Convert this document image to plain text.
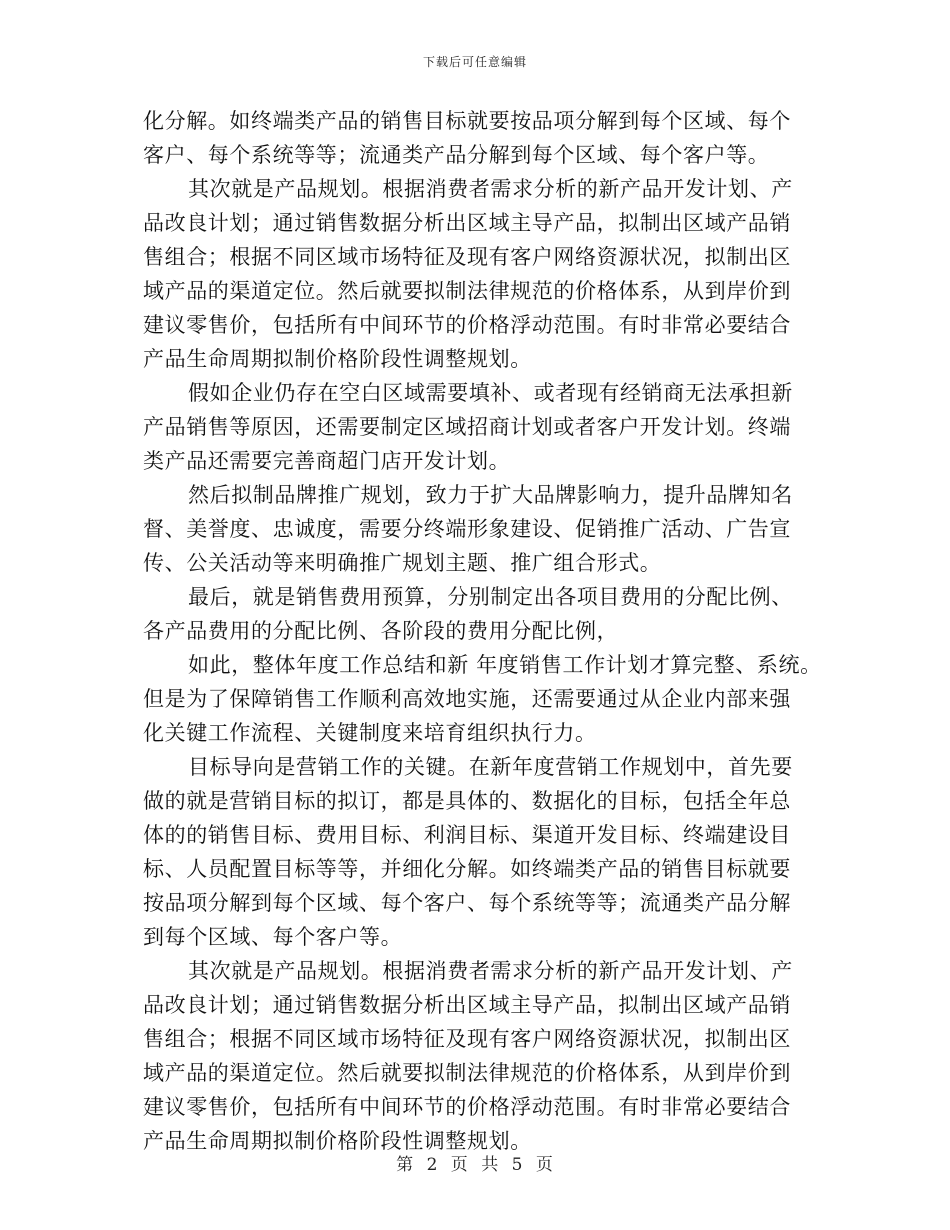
下载后可任意编辑
化分解。如终端类产品的销售目标就要按品项分解到每个区域、每个
客户、每个系统等等；流通类产品分解到每个区域、每个客户等。
其次就是产品规划。根据消费者需求分析的新产品开发计划、产
品改良计划；通过销售数据分析出区域主导产品，拟制出区域产品销
售组合；根据不同区域市场特征及现有客户网络资源状况，拟制出区
域产品的渠道定位。然后就要拟制法律规范的价格体系，从到岸价到
建议零售价，包括所有中间环节的价格浮动范围。有时非常必要结合
产品生命周期拟制价格阶段性调整规划。
假如企业仍存在空白区域需要填补、或者现有经销商无法承担新
产品销售等原因，还需要制定区域招商计划或者客户开发计划。终端
类产品还需要完善商超门店开发计划。
然后拟制品牌推广规划，致力于扩大品牌影响力，提升品牌知名
督、美誉度、忠诚度，需要分终端形象建设、促销推广活动、广告宣
传、公关活动等来明确推广规划主题、推广组合形式。
最后，就是销售费用预算，分别制定出各项目费用的分配比例、
各产品费用的分配比例、各阶段的费用分配比例，
如此，整体年度工作总结和新 年度销售工作计划才算完整、系统。
但是为了保障销售工作顺利高效地实施，还需要通过从企业内部来强
化关键工作流程、关键制度来培育组织执行力。
目标导向是营销工作的关键。在新年度营销工作规划中，首先要
做的就是营销目标的拟订，都是具体的、数据化的目标，包括全年总
体的的销售目标、费用目标、利润目标、渠道开发目标、终端建设目
标、人员配置目标等等，并细化分解。如终端类产品的销售目标就要
按品项分解到每个区域、每个客户、每个系统等等；流通类产品分解
到每个区域、每个客户等。
其次就是产品规划。根据消费者需求分析的新产品开发计划、产
品改良计划；通过销售数据分析出区域主导产品，拟制出区域产品销
售组合；根据不同区域市场特征及现有客户网络资源状况，拟制出区
域产品的渠道定位。然后就要拟制法律规范的价格体系，从到岸价到
建议零售价，包括所有中间环节的价格浮动范围。有时非常必要结合
产品生命周期拟制价格阶段性调整规划。
第 2 页 共 5 页
